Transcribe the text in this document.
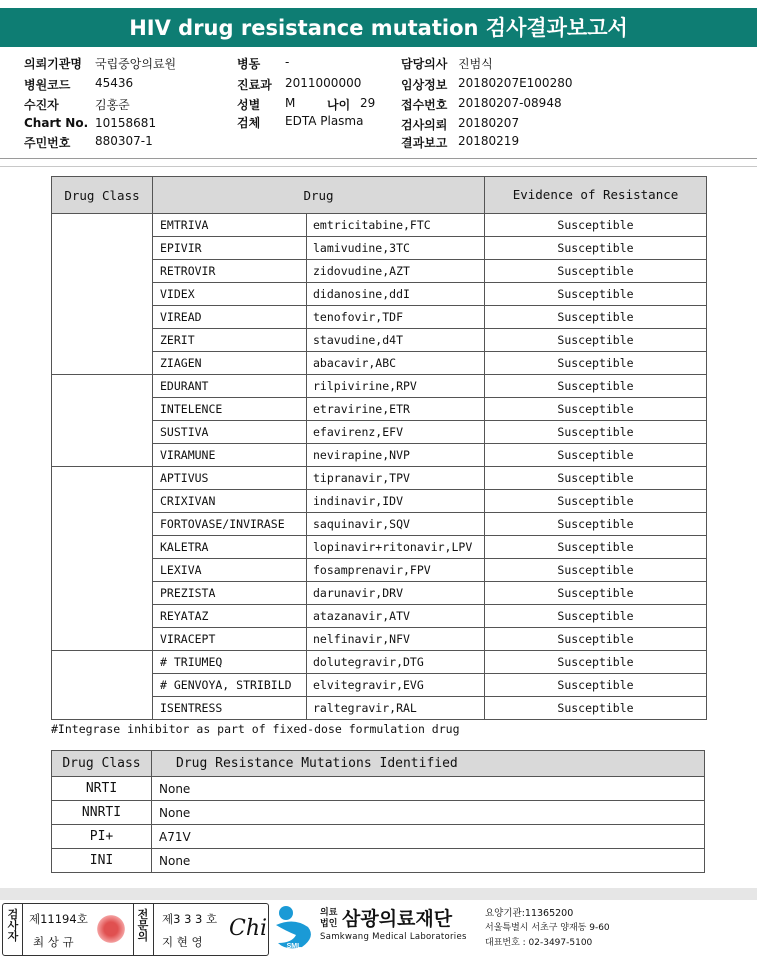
HIV drug resistance mutation 검사결과보고서
의뢰기관명 국립중앙의료원
병원코드 45436
수진자	김홍준
Chart No. 10158681
주민번호 880307-1
병동 -
진료과 2011000000
성별 M	나이 29
검체 EDTA Plasma
담당의사 진범식
임상정보 20180207E100280
접수번호 20180207-08948
검사의뢰 20180207
결과보고 20180219
Drug Class	Drug		Evidence of Resistance
	EMTRIVA	emtricitabine,FTC	Susceptible
	EPIVIR	lamivudine,3TC	Susceptible
	RETROVIR	zidovudine,AZT	Susceptible
	VIDEX	didanosine,ddI	Susceptible
	VIREAD	tenofovir,TDF	Susceptible
	ZERIT	stavudine,d4T	Susceptible
	ZIAGEN	abacavir,ABC	Susceptible
	EDURANT	rilpivirine,RPV	Susceptible
	INTELENCE	etravirine,ETR	Susceptible
	SUSTIVA	efavirenz,EFV	Susceptible
	VIRAMUNE	nevirapine,NVP	Susceptible
	APTIVUS	tipranavir,TPV	Susceptible
	CRIXIVAN	indinavir,IDV	Susceptible
	FORTOVASE/INVIRASE	saquinavir,SQV	Susceptible
	KALETRA	lopinavir+ritonavir,LPV	Susceptible
	LEXIVA	fosamprenavir,FPV	Susceptible
	PREZISTA	darunavir,DRV	Susceptible
	REYATAZ	atazanavir,ATV	Susceptible
	VIRACEPT	nelfinavir,NFV	Susceptible
	# TRIUMEQ	dolutegravir,DTG	Susceptible
	# GENVOYA, STRIBILD	elvitegravir,EVG	Susceptible
	ISENTRESS	raltegravir,RAL	Susceptible
#Integrase inhibitor as part of fixed-dose formulation drug
Drug Class	Drug Resistance Mutations Identified
NRTI	None
NNRTI	None
PI+	A71V
INI	None
검사자
제11194호
최 상 규
전문의
제3 3 3 호
지 현 영
Chi
SML
의료법인 삼광의료재단
Samkwang Medical Laboratories
요양기관:11365200
서울특별시 서초구 양재동 9-60
대표번호 : 02-3497-5100
